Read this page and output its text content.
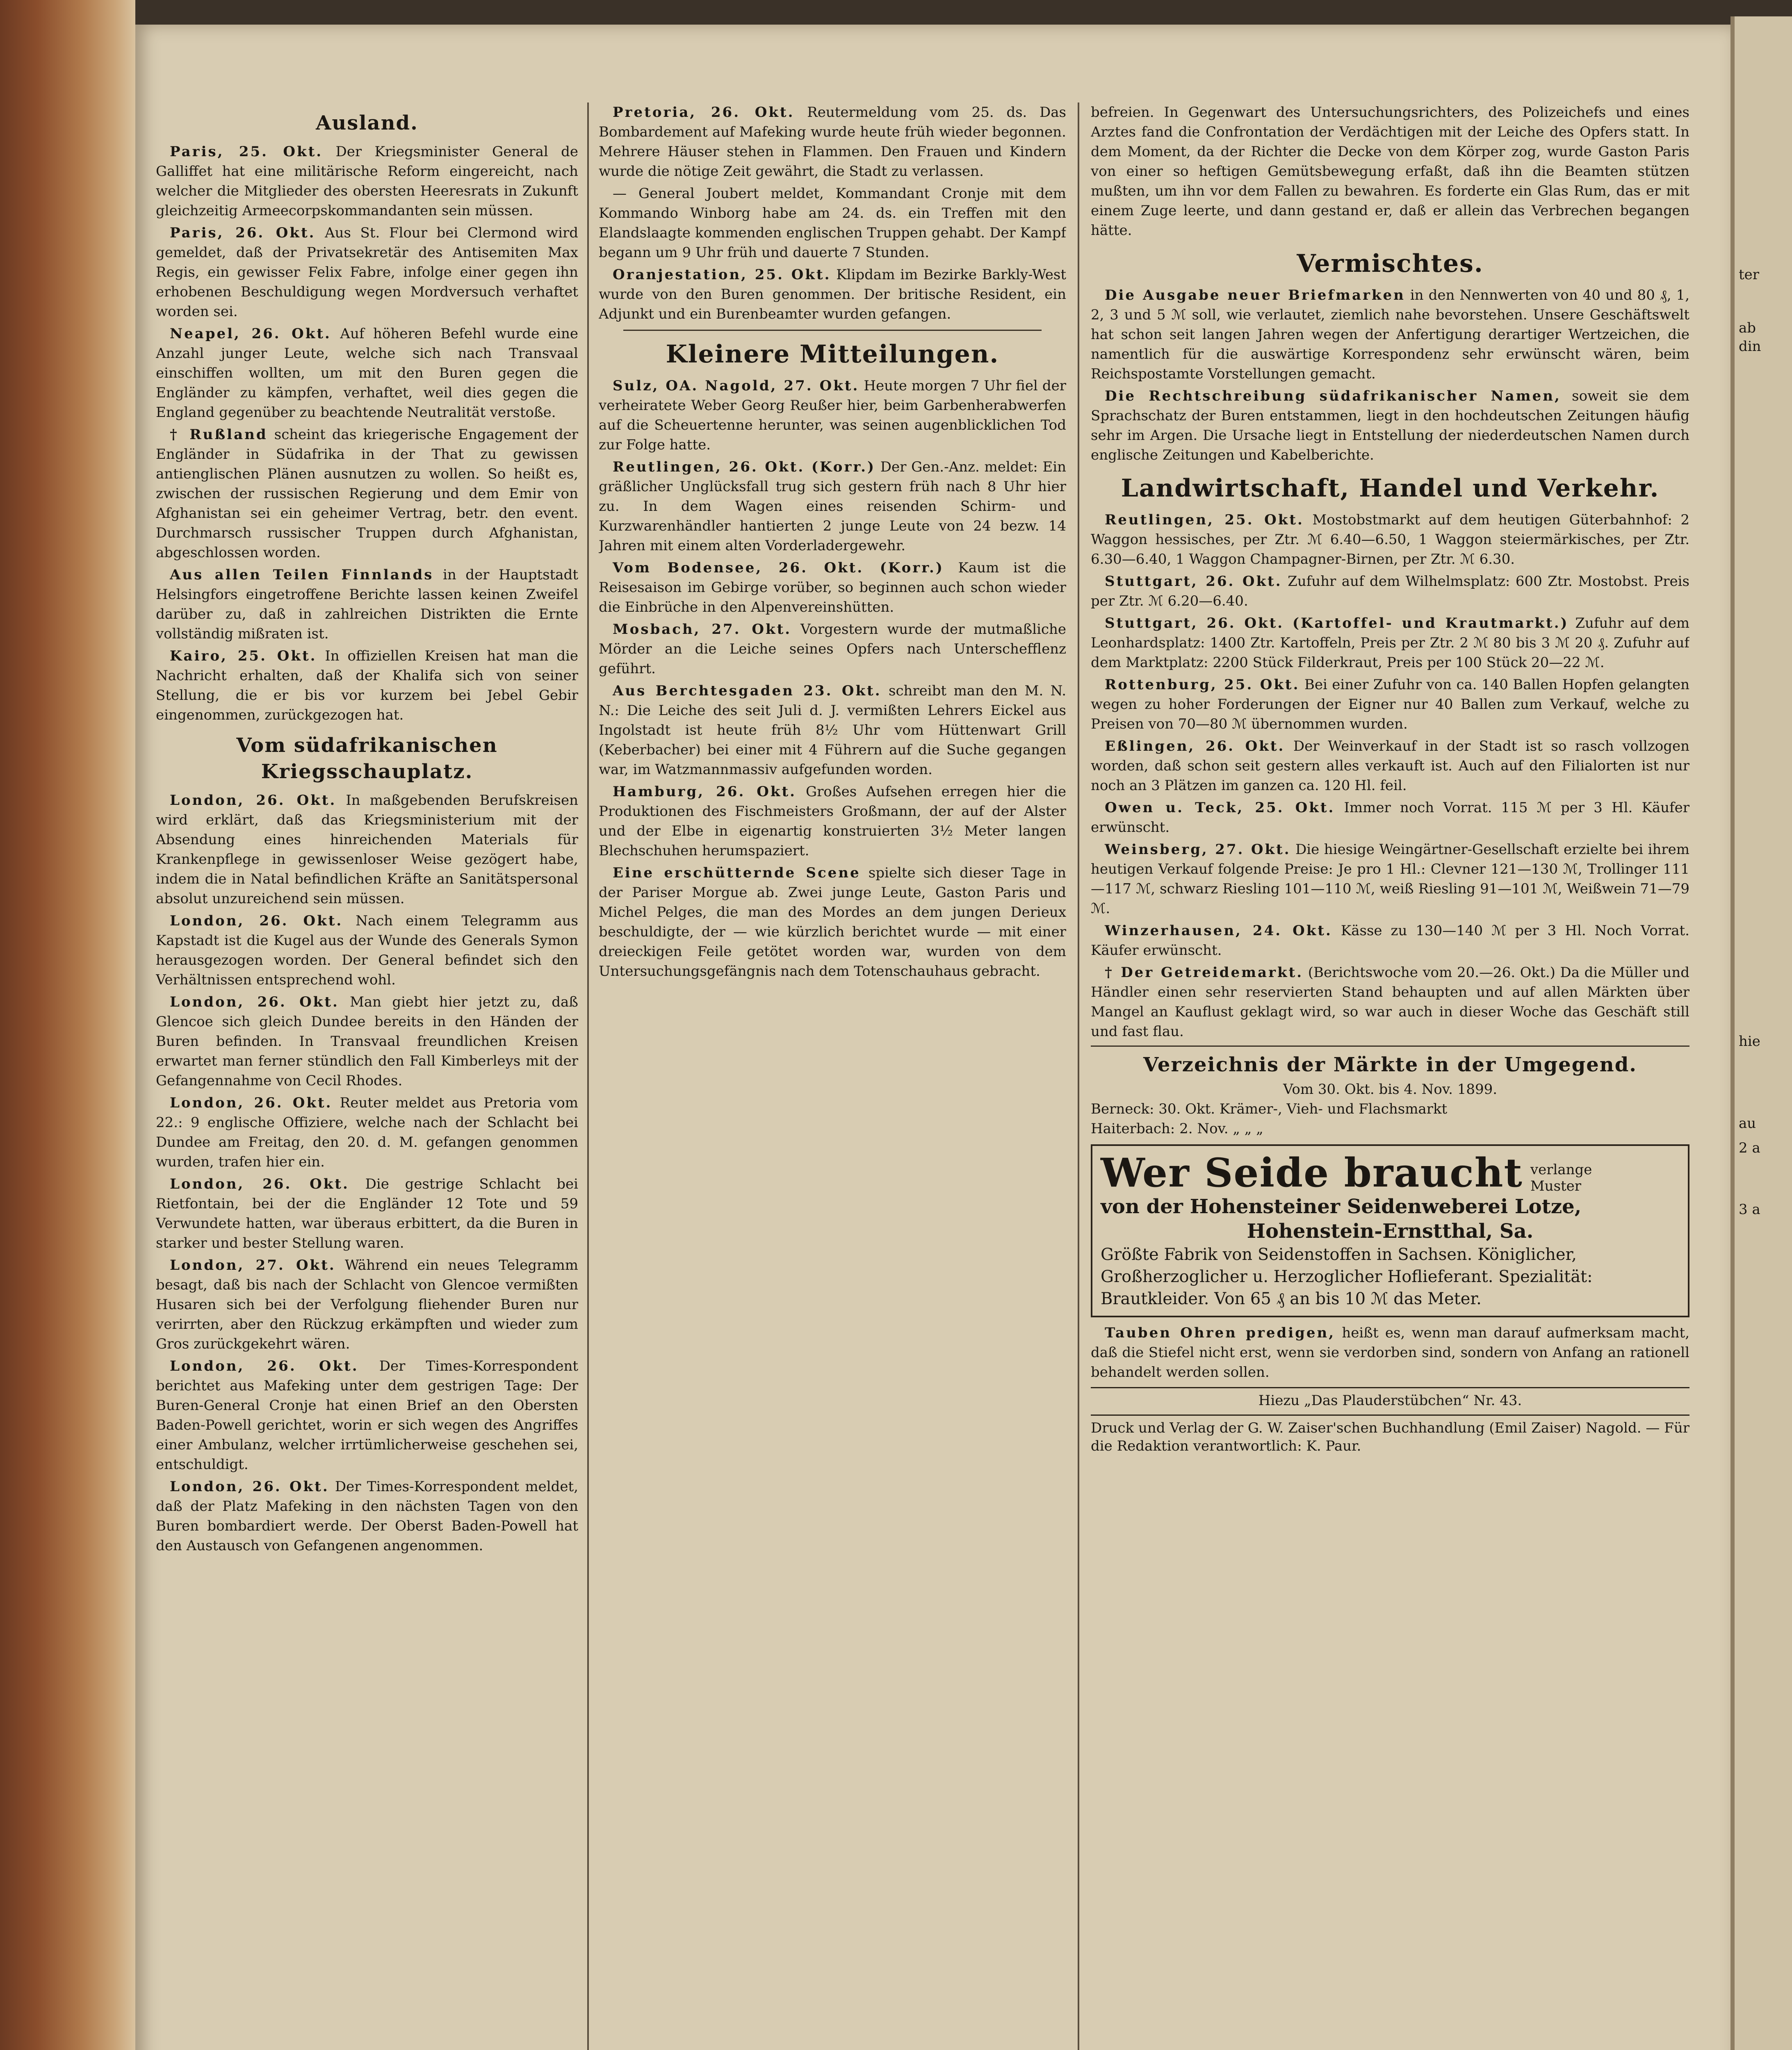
Ausland.

Paris, 25. Okt. Der Kriegsminister General de Galliffet hat eine militärische Reform eingereicht, nach welcher die Mitglieder des obersten Heeresrats in Zukunft gleichzeitig Armeecorpskommandanten sein müssen.

Paris, 26. Okt. Aus St. Flour bei Clermond wird gemeldet, daß der Privatsekretär des Antisemiten Max Regis, ein gewisser Felix Fabre, infolge einer gegen ihn erhobenen Beschuldigung wegen Mordversuch verhaftet worden sei.

Neapel, 26. Okt. Auf höheren Befehl wurde eine Anzahl junger Leute, welche sich nach Transvaal einschiffen wollten, um mit den Buren gegen die Engländer zu kämpfen, verhaftet, weil dies gegen die England gegenüber zu beachtende Neutralität verstoße.

† Rußland scheint das kriegerische Engagement der Engländer in Südafrika in der That zu gewissen antienglischen Plänen ausnutzen zu wollen. So heißt es, zwischen der russischen Regierung und dem Emir von Afghanistan sei ein geheimer Vertrag, betr. den event. Durchmarsch russischer Truppen durch Afghanistan, abgeschlossen worden.

Aus allen Teilen Finnlands in der Hauptstadt Helsingfors eingetroffene Berichte lassen keinen Zweifel darüber zu, daß in zahlreichen Distrikten die Ernte vollständig mißraten ist.

Kairo, 25. Okt. In offiziellen Kreisen hat man die Nachricht erhalten, daß der Khalifa sich von seiner Stellung, die er bis vor kurzem bei Jebel Gebir eingenommen, zurückgezogen hat.

Vom südafrikanischen Kriegsschauplatz.

London, 26. Okt. In maßgebenden Berufskreisen wird erklärt, daß das Kriegsministerium mit der Absendung eines hinreichenden Materials für Krankenpflege in gewissenloser Weise gezögert habe, indem die in Natal befindlichen Kräfte an Sanitätspersonal absolut unzureichend sein müssen.

London, 26. Okt. Nach einem Telegramm aus Kapstadt ist die Kugel aus der Wunde des Generals Symon herausgezogen worden. Der General befindet sich den Verhältnissen entsprechend wohl.

London, 26. Okt. Man giebt hier jetzt zu, daß Glencoe sich gleich Dundee bereits in den Händen der Buren befinden. In Transvaal freundlichen Kreisen erwartet man ferner stündlich den Fall Kimberleys mit der Gefangennahme von Cecil Rhodes.

London, 26. Okt. Reuter meldet aus Pretoria vom 22.: 9 englische Offiziere, welche nach der Schlacht bei Dundee am Freitag, den 20. d. M. gefangen genommen wurden, trafen hier ein.

London, 26. Okt. Die gestrige Schlacht bei Rietfontain, bei der die Engländer 12 Tote und 59 Verwundete hatten, war überaus erbittert, da die Buren in starker und bester Stellung waren.

London, 27. Okt. Während ein neues Telegramm besagt, daß bis nach der Schlacht von Glencoe vermißten Husaren sich bei der Verfolgung fliehender Buren nur verirrten, aber den Rückzug erkämpften und wieder zum Gros zurückgekehrt wären.

London, 26. Okt. Der Times-Korrespondent berichtet aus Mafeking unter dem gestrigen Tage: Der Buren-General Cronje hat einen Brief an den Obersten Baden-Powell gerichtet, worin er sich wegen des Angriffes einer Ambulanz, welcher irrtümlicherweise geschehen sei, entschuldigt.

London, 26. Okt. Der Times-Korrespondent meldet, daß der Platz Mafeking in den nächsten Tagen von den Buren bombardiert werde. Der Oberst Baden-Powell hat den Austausch von Gefangenen angenommen.

Pretoria, 26. Okt. Reutermeldung vom 25. ds. Das Bombardement auf Mafeking wurde heute früh wieder begonnen. Mehrere Häuser stehen in Flammen. Den Frauen und Kindern wurde die nötige Zeit gewährt, die Stadt zu verlassen.

— General Joubert meldet, Kommandant Cronje mit dem Kommando Winborg habe am 24. ds. ein Treffen mit den Elandslaagte kommenden englischen Truppen gehabt. Der Kampf begann um 9 Uhr früh und dauerte 7 Stunden.

Oranjestation, 25. Okt. Klipdam im Bezirke Barkly-West wurde von den Buren genommen. Der britische Resident, ein Adjunkt und ein Burenbeamter wurden gefangen.

Kleinere Mitteilungen.

Sulz, OA. Nagold, 27. Okt. Heute morgen 7 Uhr fiel der verheiratete Weber Georg Reußer hier, beim Garbenherabwerfen auf die Scheuertenne herunter, was seinen augenblicklichen Tod zur Folge hatte.

Reutlingen, 26. Okt. (Korr.) Der Gen.-Anz. meldet: Ein gräßlicher Unglücksfall trug sich gestern früh nach 8 Uhr hier zu. In dem Wagen eines reisenden Schirm- und Kurzwarenhändler hantierten 2 junge Leute von 24 bezw. 14 Jahren mit einem alten Vorderladergewehr.

Vom Bodensee, 26. Okt. (Korr.) Kaum ist die Reisesaison im Gebirge vorüber, so beginnen auch schon wieder die Einbrüche in den Alpenvereinshütten.

Mosbach, 27. Okt. Vorgestern wurde der mutmaßliche Mörder an die Leiche seines Opfers nach Unterschefflenz geführt.

Aus Berchtesgaden 23. Okt. schreibt man den M. N. N.: Die Leiche des seit Juli d. J. vermißten Lehrers Eickel aus Ingolstadt ist heute früh 8½ Uhr vom Hüttenwart Grill (Keberbacher) bei einer mit 4 Führern auf die Suche gegangen war, im Watzmannmassiv aufgefunden worden.

Hamburg, 26. Okt. Großes Aufsehen erregen hier die Produktionen des Fischmeisters Großmann, der auf der Alster und der Elbe in eigenartig konstruierten 3½ Meter langen Blechschuhen herumspaziert.

Eine erschütternde Scene spielte sich dieser Tage in der Pariser Morgue ab. Zwei junge Leute, Gaston Paris und Michel Pelges, die man des Mordes an dem jungen Derieux beschuldigte, der — wie kürzlich berichtet wurde — mit einer dreieckigen Feile getötet worden war, wurden von dem Untersuchungsgefängnis nach dem Totenschauhaus gebracht.

befreien. In Gegenwart des Untersuchungsrichters, des Polizeichefs und eines Arztes fand die Confrontation der Verdächtigen mit der Leiche des Opfers statt. In dem Moment, da der Richter die Decke von dem Körper zog, wurde Gaston Paris von einer so heftigen Gemütsbewegung erfaßt, daß ihn die Beamten stützen mußten, um ihn vor dem Fallen zu bewahren. Es forderte ein Glas Rum, das er mit einem Zuge leerte, und dann gestand er, daß er allein das Verbrechen begangen hätte.

Vermischtes.

Die Ausgabe neuer Briefmarken in den Nennwerten von 40 und 80 ₰, 1, 2, 3 und 5 ℳ soll, wie verlautet, ziemlich nahe bevorstehen. Unsere Geschäftswelt hat schon seit langen Jahren wegen der Anfertigung derartiger Wertzeichen, die namentlich für die auswärtige Korrespondenz sehr erwünscht wären, beim Reichspostamte Vorstellungen gemacht.

Die Rechtschreibung südafrikanischer Namen, soweit sie dem Sprachschatz der Buren entstammen, liegt in den hochdeutschen Zeitungen häufig sehr im Argen. Die Ursache liegt in Entstellung der niederdeutschen Namen durch englische Zeitungen und Kabelberichte.

Landwirtschaft, Handel und Verkehr.

Reutlingen, 25. Okt. Mostobstmarkt auf dem heutigen Güterbahnhof: 2 Waggon hessisches, per Ztr. ℳ 6.40—6.50, 1 Waggon steiermärkisches, per Ztr. 6.30—6.40, 1 Waggon Champagner-Birnen, per Ztr. ℳ 6.30.

Stuttgart, 26. Okt. Zufuhr auf dem Wilhelmsplatz: 600 Ztr. Mostobst. Preis per Ztr. ℳ 6.20—6.40.

Stuttgart, 26. Okt. (Kartoffel- und Krautmarkt.) Zufuhr auf dem Leonhardsplatz: 1400 Ztr. Kartoffeln, Preis per Ztr. 2 ℳ 80 bis 3 ℳ 20 ₰. Zufuhr auf dem Marktplatz: 2200 Stück Filderkraut, Preis per 100 Stück 20—22 ℳ.

Rottenburg, 25. Okt. Bei einer Zufuhr von ca. 140 Ballen Hopfen gelangten wegen zu hoher Forderungen der Eigner nur 40 Ballen zum Verkauf, welche zu Preisen von 70—80 ℳ übernommen wurden.

Eßlingen, 26. Okt. Der Weinverkauf in der Stadt ist so rasch vollzogen worden, daß schon seit gestern alles verkauft ist. Auch auf den Filialorten ist nur noch an 3 Plätzen im ganzen ca. 120 Hl. feil.

Owen u. Teck, 25. Okt. Immer noch Vorrat. 115 ℳ per 3 Hl. Käufer erwünscht.

Weinsberg, 27. Okt. Die hiesige Weingärtner-Gesellschaft erzielte bei ihrem heutigen Verkauf folgende Preise: Je pro 1 Hl.: Clevner 121—130 ℳ, Trollinger 111—117 ℳ, schwarz Riesling 101—110 ℳ, weiß Riesling 91—101 ℳ, Weißwein 71—79 ℳ.

Winzerhausen, 24. Okt. Kässe zu 130—140 ℳ per 3 Hl. Noch Vorrat. Käufer erwünscht.

† Der Getreidemarkt. (Berichtswoche vom 20.—26. Okt.) Da die Müller und Händler einen sehr reservierten Stand behaupten und auf allen Märkten über Mangel an Kauflust geklagt wird, so war auch in dieser Woche das Geschäft still und fast flau.

Verzeichnis der Märkte in der Umgegend.
Vom 30. Okt. bis 4. Nov. 1899.
Berneck: 30. Okt. Krämer-, Vieh- und Flachsmarkt
Haiterbach: 2. Nov. „ „ „
Wer Seide braucht verlange
Muster
von der Hohensteiner Seidenweberei Lotze,
Hohenstein-Ernstthal, Sa.
Größte Fabrik von Seidenstoffen in Sachsen. Königlicher, Großherzoglicher u. Herzoglicher Hoflieferant. Spezialität: Brautkleider. Von 65 ₰ an bis 10 ℳ das Meter.

Tauben Ohren predigen, heißt es, wenn man darauf aufmerksam macht, daß die Stiefel nicht erst, wenn sie verdorben sind, sondern von Anfang an rationell behandelt werden sollen.

Hiezu „Das Plauderstübchen“ Nr. 43.
Druck und Verlag der G. W. Zaiser'schen Buchhandlung (Emil Zaiser) Nagold. — Für die Redaktion verantwortlich: K. Paur.
ter
ab
din
hie
au
2 a
3 a
